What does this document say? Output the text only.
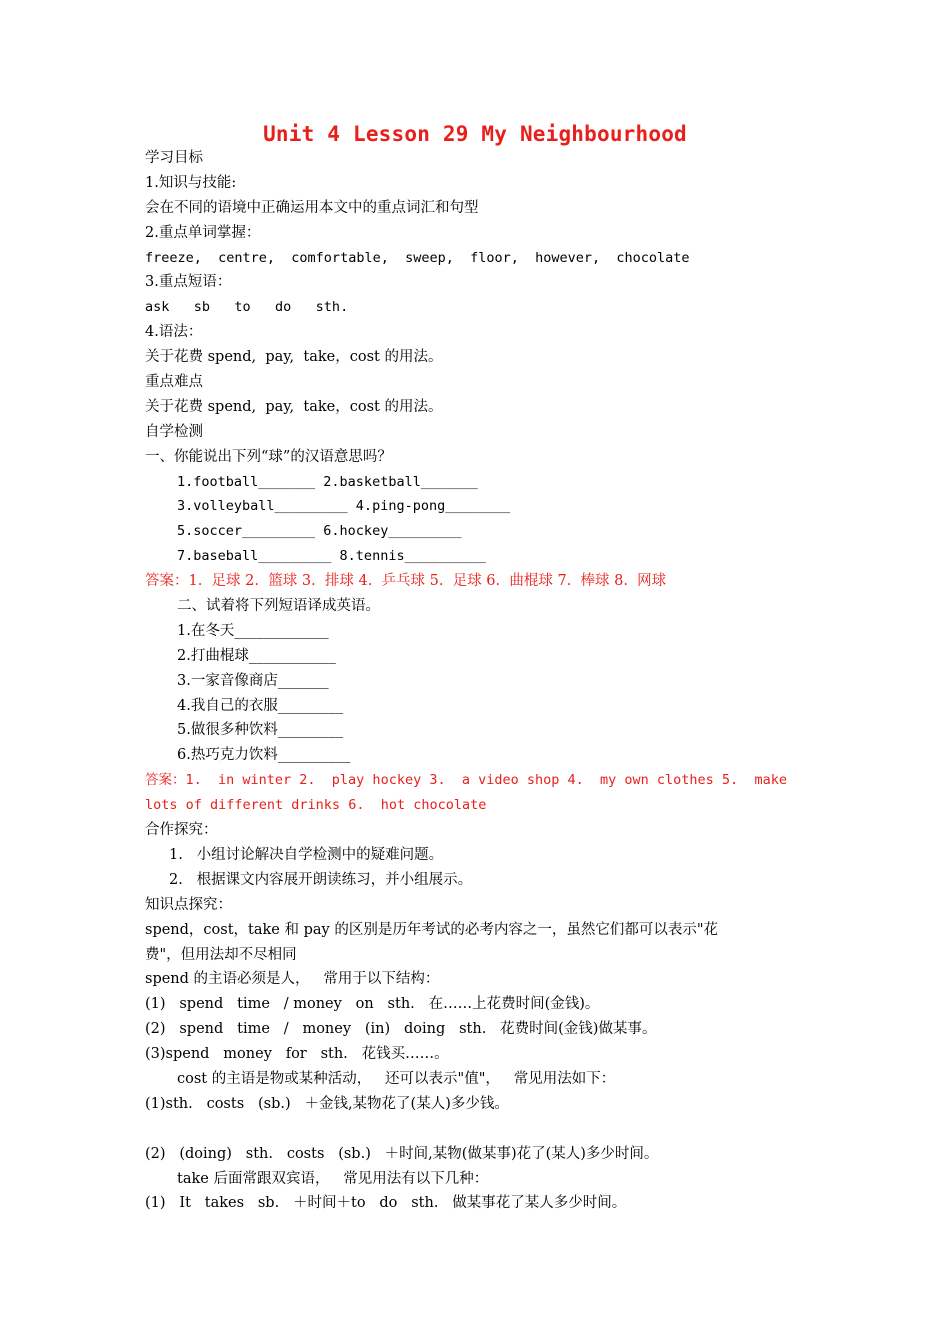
Unit 4 Lesson 29 My Neighbourhood
学习目标
1.知识与技能:
会在不同的语境中正确运用本文中的重点词汇和句型
2.重点单词掌握：
freeze,  centre,  comfortable,  sweep,  floor,  however,  chocolate
3.重点短语：
ask   sb   to   do   sth.
4.语法：
关于花费 spend,  pay,  take，cost 的用法。
重点难点
关于花费 spend,  pay,  take，cost 的用法。
自学检测
一、你能说出下列“球”的汉语意思吗？
1.football_______ 2.basketball_______
3.volleyball_________ 4.ping-pong________
5.soccer_________ 6.hockey_________
7.baseball_________ 8.tennis__________
答案：1.  足球 2.  篮球 3.  排球 4.  乒乓球 5.  足球 6.  曲棍球 7.  棒球 8.  网球
二、试着将下列短语译成英语。
1.在冬天_____________
2.打曲棍球____________
3.一家音像商店_______
4.我自己的衣服_________
5.做很多种饮料_________
6.热巧克力饮料__________
答案：1.  in winter 2.  play hockey 3.  a video shop 4.  my own clothes 5.  make
lots of different drinks 6.  hot chocolate
合作探究：
1.   小组讨论解决自学检测中的疑难问题。
2.   根据课文内容展开朗读练习，并小组展示。
知识点探究：
spend，cost，take 和 pay 的区别是历年考试的必考内容之一，虽然它们都可以表示"花
费"，但用法却不尽相同
spend 的主语必须是人，   常用于以下结构：
(1)   spend   time   / money   on   sth.   在……上花费时间(金钱)。
(2)   spend   time   /   money   (in)   doing   sth.   花费时间(金钱)做某事。
(3)spend   money   for   sth.   花钱买……。
cost 的主语是物或某种活动，   还可以表示"值"，   常见用法如下：
(1)sth.   costs   (sb.)   ＋金钱,某物花了(某人)多少钱。
(2)   (doing)   sth.   costs   (sb.)   ＋时间,某物(做某事)花了(某人)多少时间。
take 后面常跟双宾语，   常见用法有以下几种：
(1)   It   takes   sb.   ＋时间＋to   do   sth.   做某事花了某人多少时间。
